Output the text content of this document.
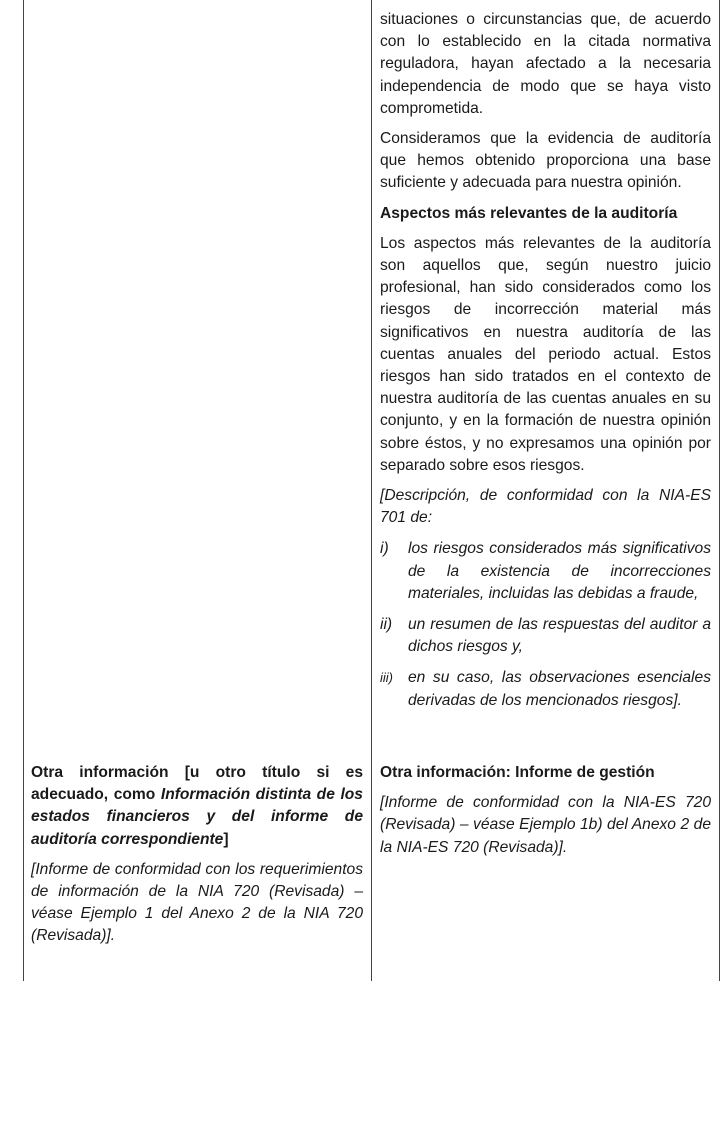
situaciones o circunstancias que, de acuerdo con lo establecido en la citada normativa reguladora, hayan afectado a la necesaria independencia de modo que se haya visto comprometida.

Consideramos que la evidencia de auditoría que hemos obtenido proporciona una base suficiente y adecuada para nuestra opinión.

Aspectos más relevantes de la auditoría

Los aspectos más relevantes de la auditoría son aquellos que, según nuestro juicio profesional, han sido considerados como los riesgos de incorrección material más significativos en nuestra auditoría de las cuentas anuales del periodo actual. Estos riesgos han sido tratados en el contexto de nuestra auditoría de las cuentas anuales en su conjunto, y en la formación de nuestra opinión sobre éstos, y no expresamos una opinión por separado sobre esos riesgos.

[Descripción, de conformidad con la NIA-ES 701 de:

i) los riesgos considerados más significativos de la existencia de incorrecciones materiales, incluidas las debidas a fraude,
ii) un resumen de las respuestas del auditor a dichos riesgos y,
iii) en su caso, las observaciones esenciales derivadas de los mencionados riesgos].

Otra información [u otro título si es adecuado, como Información distinta de los estados financieros y del informe de auditoría correspondiente]

[Informe de conformidad con los requerimientos de información de la NIA 720 (Revisada) – véase Ejemplo 1 del Anexo 2 de la NIA 720 (Revisada)].

Otra información: Informe de gestión

[Informe de conformidad con la NIA-ES 720 (Revisada) – véase Ejemplo 1b) del Anexo 2 de la NIA-ES 720 (Revisada)].
